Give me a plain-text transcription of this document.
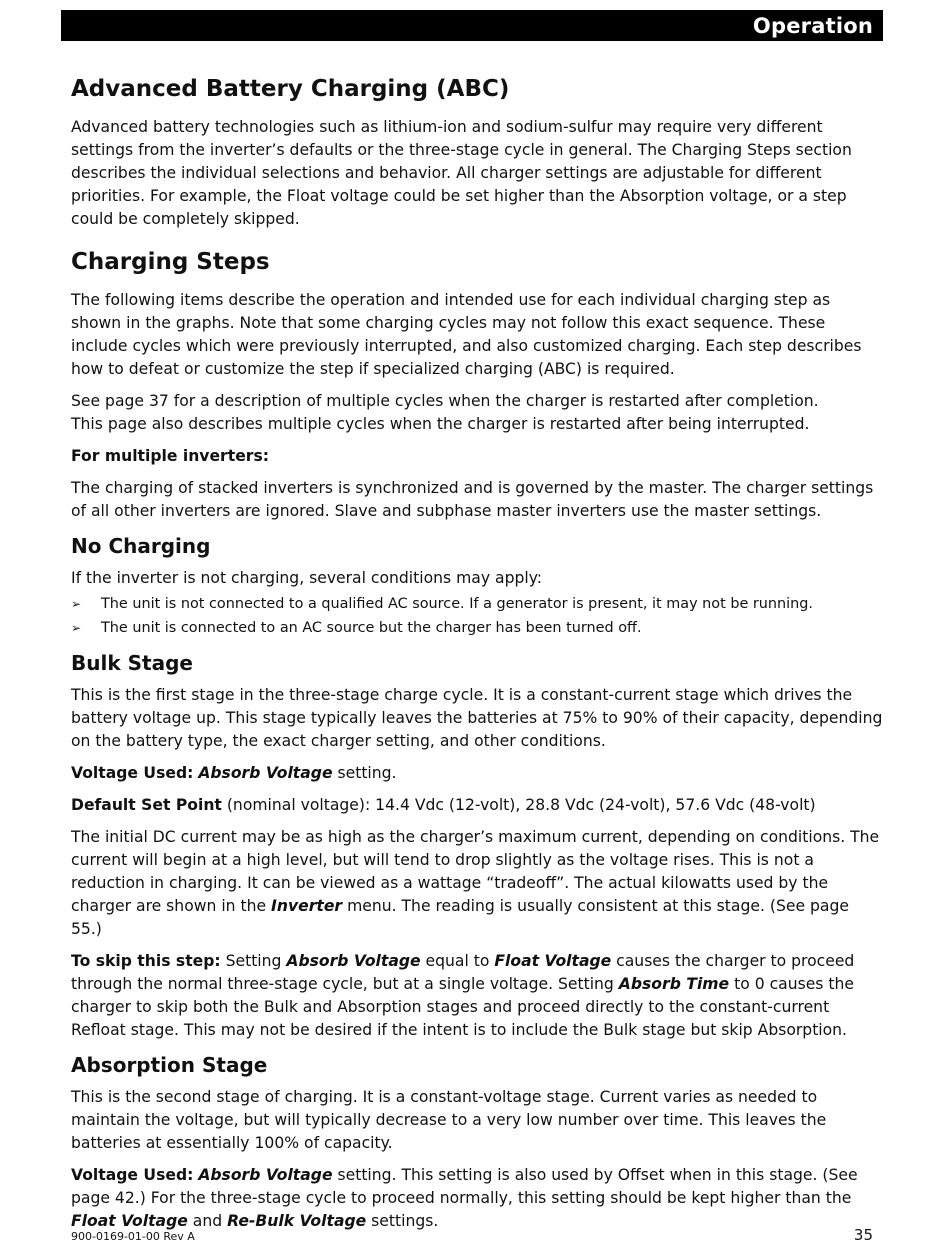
Operation
Advanced Battery Charging (ABC)

Advanced battery technologies such as lithium-ion and sodium-sulfur may require very different settings from the inverter’s defaults or the three-stage cycle in general. The Charging Steps section describes the individual selections and behavior. All charger settings are adjustable for different priorities. For example, the Float voltage could be set higher than the Absorption voltage, or a step could be completely skipped.

Charging Steps

The following items describe the operation and intended use for each individual charging step as shown in the graphs. Note that some charging cycles may not follow this exact sequence. These include cycles which were previously interrupted, and also customized charging. Each step describes how to defeat or customize the step if specialized charging (ABC) is required.

See page 37 for a description of multiple cycles when the charger is restarted after completion.
This page also describes multiple cycles when the charger is restarted after being interrupted.

For multiple inverters:

The charging of stacked inverters is synchronized and is governed by the master. The charger settings of all other inverters are ignored. Slave and subphase master inverters use the master settings.

No Charging

If the inverter is not charging, several conditions may apply:

➢ The unit is not connected to a qualified AC source. If a generator is present, it may not be running.
➢ The unit is connected to an AC source but the charger has been turned off.
Bulk Stage

This is the first stage in the three-stage charge cycle. It is a constant-current stage which drives the battery voltage up. This stage typically leaves the batteries at 75% to 90% of their capacity, depending on the battery type, the exact charger setting, and other conditions.

Voltage Used: Absorb Voltage setting.

Default Set Point (nominal voltage): 14.4 Vdc (12-volt), 28.8 Vdc (24-volt), 57.6 Vdc (48-volt)

The initial DC current may be as high as the charger’s maximum current, depending on conditions. The current will begin at a high level, but will tend to drop slightly as the voltage rises. This is not a reduction in charging. It can be viewed as a wattage “tradeoff”. The actual kilowatts used by the charger are shown in the Inverter menu. The reading is usually consistent at this stage. (See page 55.)

To skip this step: Setting Absorb Voltage equal to Float Voltage causes the charger to proceed through the normal three-stage cycle, but at a single voltage. Setting Absorb Time to 0 causes the charger to skip both the Bulk and Absorption stages and proceed directly to the constant-current Refloat stage. This may not be desired if the intent is to include the Bulk stage but skip Absorption.

Absorption Stage

This is the second stage of charging. It is a constant-voltage stage. Current varies as needed to maintain the voltage, but will typically decrease to a very low number over time. This leaves the batteries at essentially 100% of capacity.

Voltage Used: Absorb Voltage setting. This setting is also used by Offset when in this stage. (See page 42.) For the three-stage cycle to proceed normally, this setting should be kept higher than the Float Voltage and Re-Bulk Voltage settings.

900-0169-01-00 Rev A	35
